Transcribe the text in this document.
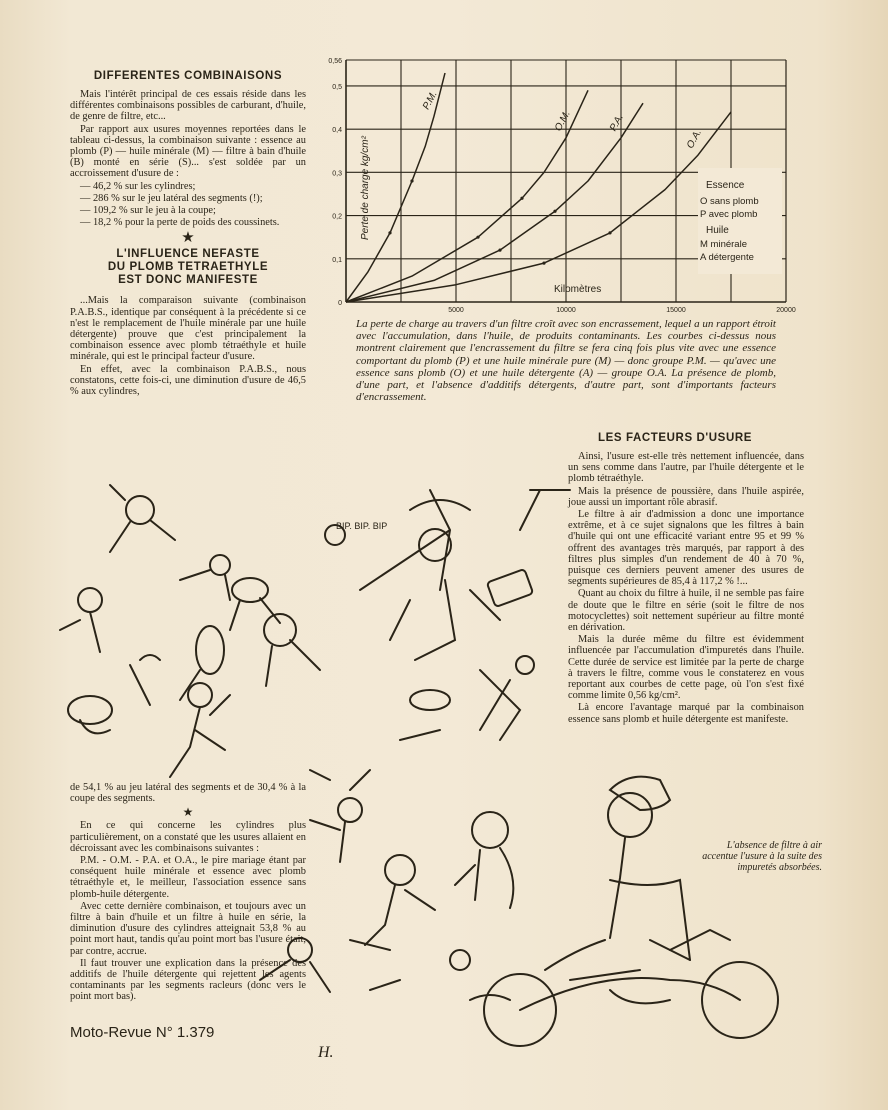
DIFFERENTES COMBINAISONS

Mais l'intérêt principal de ces essais réside dans les différentes combinaisons possibles de carburant, d'huile, de genre de filtre, etc...

Par rapport aux usures moyennes reportées dans le tableau ci-dessus, la combinaison suivante : essence au plomb (P) — huile minérale (M) — filtre à bain d'huile (B) monté en série (S)... s'est soldée par un accroissement d'usure de :

— 46,2 % sur les cylindres;

— 286 % sur le jeu latéral des segments (!);

— 109,2 % sur le jeu à la coupe;

— 18,2 % pour la perte de poids des coussinets.

★
L'INFLUENCE NEFASTE
DU PLOMB TETRAETHYLE
EST DONC MANIFESTE

...Mais la comparaison suivante (combinaison P.A.B.S., identique par conséquent à la précédente si ce n'est le remplacement de l'huile minérale par une huile détergente) prouve que c'est principalement la combinaison essence avec plomb tétraéthyle et huile minérale, qui est le principal facteur d'usure.

En effet, avec la combinaison P.A.B.S., nous constatons, cette fois-ci, une diminution d'usure de 46,5 % aux cylindres,

0,1
0,2
0,3
0,4
0,5
0,56
0
5000	10000	15000	20000
P.M.
O.M.	P.A.
O.A.
Perte de charge kg/cm²
Kilomètres
Essence
O sans plomb
P avec plomb
Huile
M minérale
A détergente
La perte de charge au travers d'un filtre croît avec son encrassement, lequel a un rapport étroit avec l'accumulation, dans l'huile, de produits contaminants. Les courbes ci-dessus nous montrent clairement que l'encrassement du filtre se fera cinq fois plus vite avec une essence comportant du plomb (P) et une huile minérale pure (M) — donc groupe P.M. — qu'avec une essence sans plomb (O) et une huile détergente (A) — groupe O.A. La présence de plomb, d'une part, et l'absence d'additifs détergents, d'autre part, sont d'importants facteurs d'encrassement.
LES FACTEURS D'USURE

Ainsi, l'usure est-elle très nettement influencée, dans un sens comme dans l'autre, par l'huile détergente et le plomb tétraéthyle.

Mais la présence de poussière, dans l'huile aspirée, joue aussi un important rôle abrasif.

Le filtre à air d'admission a donc une importance extrême, et à ce sujet signalons que les filtres à bain d'huile qui ont une efficacité variant entre 95 et 99 % offrent des avantages très marqués, par rapport à des filtres plus simples d'un rendement de 40 à 70 %, puisque ces derniers peuvent amener des usures de segments supérieures de 85,4 à 117,2 % !...

Quant au choix du filtre à huile, il ne semble pas faire de doute que le filtre en série (soit le filtre de nos motocyclettes) soit nettement supérieur au filtre monté en dérivation.

Mais la durée même du filtre est évidemment influencée par l'accumulation d'impuretés dans l'huile. Cette durée de service est limitée par la perte de charge à travers le filtre, comme vous le constaterez en vous reportant aux courbes de cette page, où l'on s'est fixé comme limite 0,56 kg/cm².

Là encore l'avantage marqué par la combinaison essence sans plomb et huile détergente est manifeste.

BIP. BIP. BIP

de 54,1 % au jeu latéral des segments et de 30,4 % à la coupe des segments.

★

En ce qui concerne les cylindres plus particulièrement, on a constaté que les usures allaient en décroissant avec les combinaisons suivantes :

P.M. - O.M. - P.A. et O.A., le pire mariage étant par conséquent huile minérale et essence avec plomb tétraéthyle et, le meilleur, l'association essence sans plomb-huile détergente.

Avec cette dernière combinaison, et toujours avec un filtre à bain d'huile et un filtre à huile en série, la diminution d'usure des cylindres atteignait 53,8 % au point mort haut, tandis qu'au point mort bas l'usure était, par contre, accrue.

Il faut trouver une explication dans la présence des additifs de l'huile détergente qui rejettent les agents contaminants par les segments racleurs (donc vers le point mort bas).

L'absence de filtre à air accentue l'usure à la suite des impuretés absorbées.
Moto-Revue N° 1.379
H.
